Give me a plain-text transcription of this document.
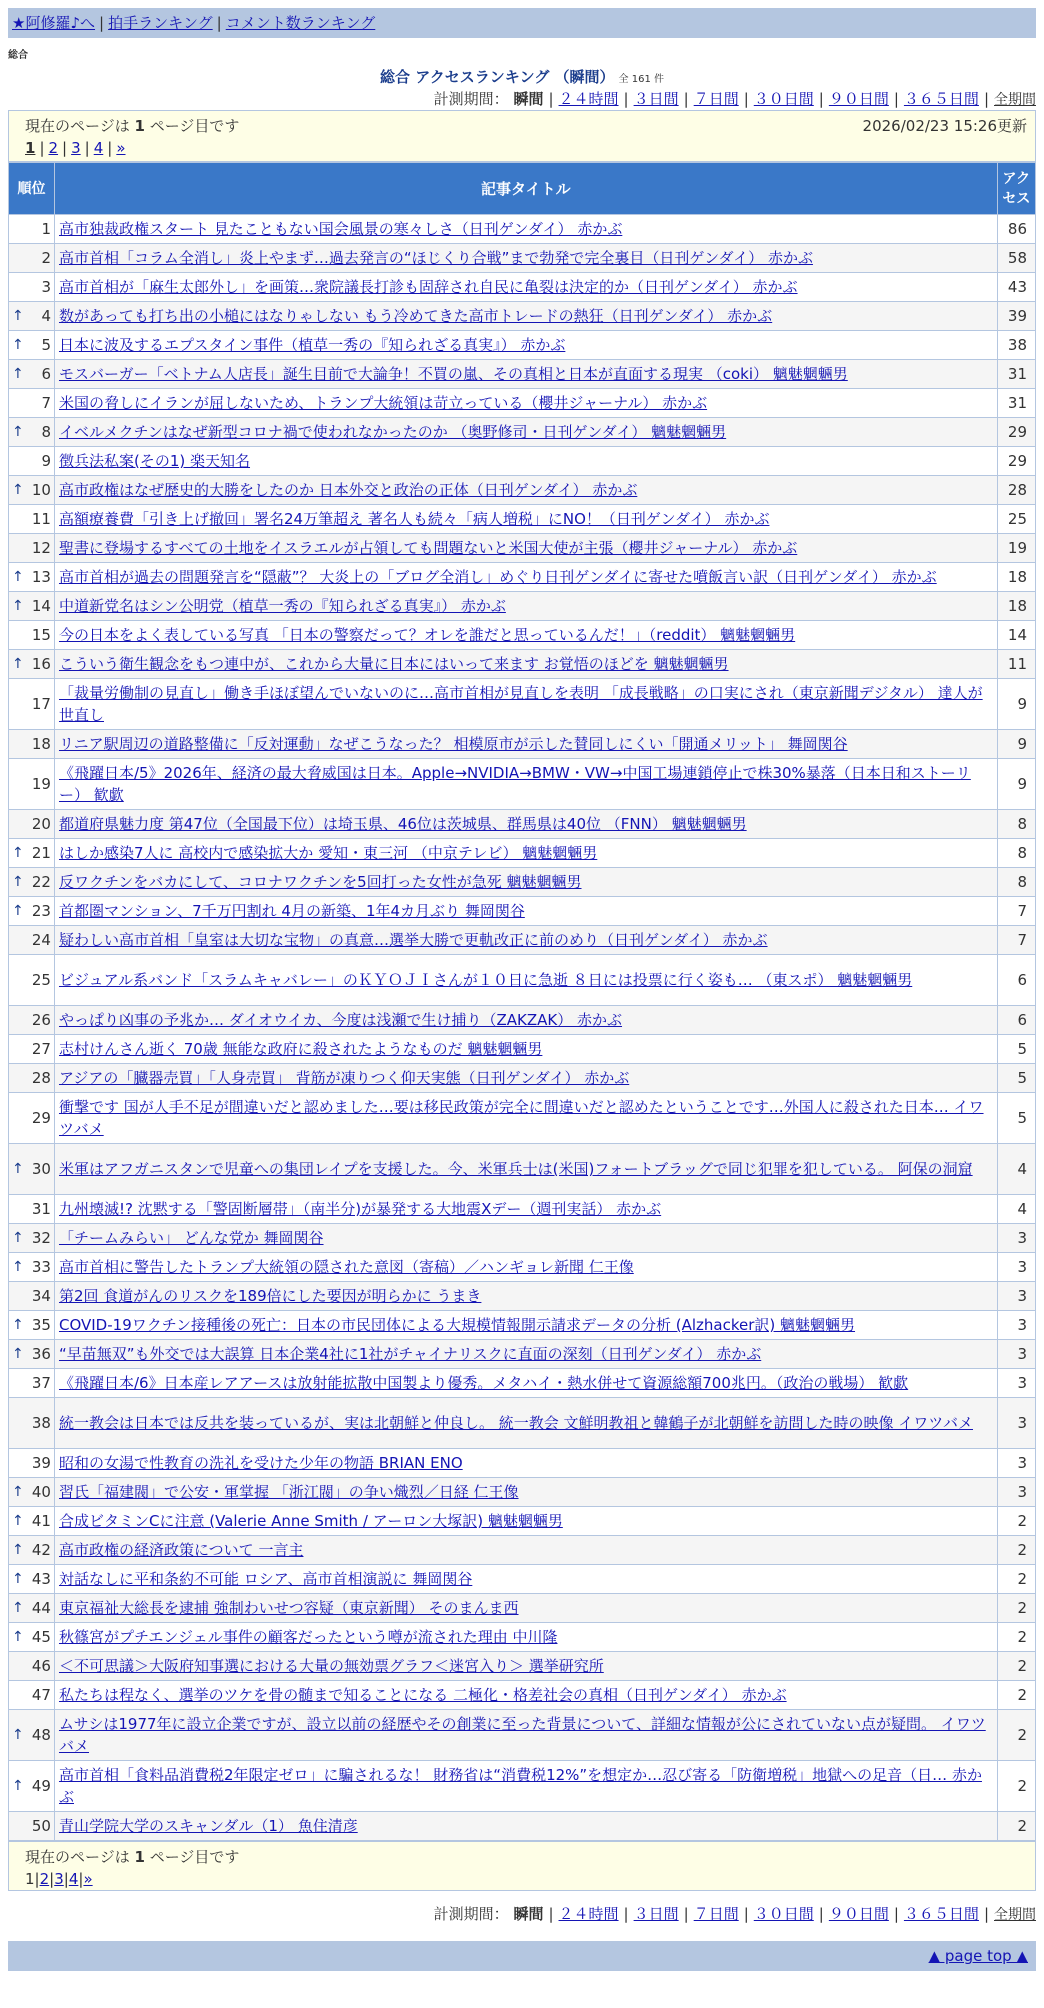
★阿修羅♪へ | 拍手ランキング | コメント数ランキング
総合
総合 アクセスランキング （瞬間） 全 161 件
計測期間： 瞬間 | ２４時間 | ３日間 | ７日間 | ３０日間 | ９０日間 | ３６５日間 | 全期間
現在のページは 1 ページ目です	2026/02/23 15:26更新
1 | 2 | 3 | 4 | »
順位	記事タイトル	アクセス
1	高市独裁政権スタート 見たこともない国会風景の寒々しさ（日刊ゲンダイ） 赤かぶ	86
2	高市首相「コラム全消し」炎上やまず…過去発言の“ほじくり合戦”まで勃発で完全裏目（日刊ゲンダイ） 赤かぶ	58
3	高市首相が「麻生太郎外し」を画策…衆院議長打診も固辞され自民に亀裂は決定的か（日刊ゲンダイ） 赤かぶ	43

↑ 4	数があっても打ち出の小槌にはなりゃしない もう冷めてきた高市トレードの熱狂（日刊ゲンダイ） 赤かぶ	39

↑ 5	日本に波及するエプスタイン事件（植草一秀の『知られざる真実』） 赤かぶ	38

↑ 6	モスバーガー「ベトナム人店長」誕生目前で大論争！不買の嵐、その真相と日本が直面する現実 （coki） 魑魅魍魎男	31
7	米国の脅しにイランが屈しないため、トランプ大統領は苛立っている（櫻井ジャーナル） 赤かぶ	31

↑ 8	イベルメクチンはなぜ新型コロナ禍で使われなかったのか （奥野修司・日刊ゲンダイ） 魑魅魍魎男	29
9	徴兵法私案(その1) 楽天知名	29

↑ 10	高市政権はなぜ歴史的大勝をしたのか 日本外交と政治の正体（日刊ゲンダイ） 赤かぶ	28
11	高額療養費「引き上げ撤回」署名24万筆超え 著名人も続々「病人増税」にNO！（日刊ゲンダイ） 赤かぶ	25
12	聖書に登場するすべての土地をイスラエルが占領しても問題ないと米国大使が主張（櫻井ジャーナル） 赤かぶ	19

↑ 13	高市首相が過去の問題発言を“隠蔽”？ 大炎上の「ブログ全消し」めぐり日刊ゲンダイに寄せた噴飯言い訳（日刊ゲンダイ） 赤かぶ	18

↑ 14	中道新党名はシン公明党（植草一秀の『知られざる真実』） 赤かぶ	18
15	今の日本をよく表している写真 「日本の警察だって？オレを誰だと思っているんだ！」（reddit） 魑魅魍魎男	14

↑ 16	こういう衛生観念をもつ連中が、これから大量に日本にはいって来ます お覚悟のほどを 魑魅魍魎男	11
17	「裁量労働制の見直し」働き手ほぼ望んでいないのに…高市首相が見直しを表明 「成長戦略」の口実にされ（東京新聞デジタル） 達人が世直し	9
18	リニア駅周辺の道路整備に「反対運動」なぜこうなった？ 相模原市が示した賛同しにくい「開通メリット」 舞岡関谷	9
19	《飛躍日本/5》2026年、経済の最大脅威国は日本。Apple→NVIDIA→BMW・VW→中国工場連鎖停止で株30%暴落（日本日和ストーリー） 歓歔	9
20	都道府県魅力度 第47位（全国最下位）は埼玉県、46位は茨城県、群馬県は40位 （FNN） 魑魅魍魎男	8

↑ 21	はしか感染7人に 高校内で感染拡大か 愛知・東三河 （中京テレビ） 魑魅魍魎男	8

↑ 22	反ワクチンをバカにして、コロナワクチンを5回打った女性が急死 魑魅魍魎男	8

↑ 23	首都圏マンション、7千万円割れ 4月の新築、1年4カ月ぶり 舞岡関谷	7
24	疑わしい高市首相「皇室は大切な宝物」の真意…選挙大勝で更軌改正に前のめり（日刊ゲンダイ） 赤かぶ	7
25	ビジュアル系バンド「スラムキャバレー」のＫＹＯＪＩさんが１０日に急逝 ８日には投票に行く姿も… （東スポ） 魑魅魍魎男	6
26	やっぱり凶事の予兆か… ダイオウイカ、今度は浅瀬で生け捕り（ZAKZAK） 赤かぶ	6
27	志村けんさん逝く 70歳 無能な政府に殺されたようなものだ 魑魅魍魎男	5
28	アジアの「臓器売買」「人身売買」 背筋が凍りつく仰天実態（日刊ゲンダイ） 赤かぶ	5
29	衝撃です 国が人手不足が間違いだと認めました…要は移民政策が完全に間違いだと認めたということです…外国人に殺された日本… イワツバメ	5

↑ 30	米軍はアフガニスタンで児童への集団レイプを支援した。今、米軍兵士は(米国)フォートブラッグで同じ犯罪を犯している。 阿保の洞窟	4
31	九州壊滅!? 沈黙する「警固断層帯」（南半分)が暴発する大地震Xデー（週刊実話） 赤かぶ	4

↑ 32	「チームみらい」 どんな党か 舞岡関谷	3

↑ 33	高市首相に警告したトランプ大統領の隠された意図（寄稿）／ハンギョレ新聞 仁王像	3
34	第2回 食道がんのリスクを189倍にした要因が明らかに うまき	3

↑ 35	COVID-19ワクチン接種後の死亡：日本の市民団体による大規模情報開示請求データの分析 (Alzhacker訳) 魑魅魍魎男	3

↑ 36	“早苗無双”も外交では大誤算 日本企業4社に1社がチャイナリスクに直面の深刻（日刊ゲンダイ） 赤かぶ	3
37	《飛躍日本/6》日本産レアアースは放射能拡散中国製より優秀。メタハイ・熱水併せて資源総額700兆円。（政治の戦場） 歓歔	3
38	統一教会は日本では反共を装っているが、実は北朝鮮と仲良し。 統一教会 文鮮明教祖と韓鶴子が北朝鮮を訪問した時の映像 イワツバメ	3
39	昭和の女湯で性教育の洗礼を受けた少年の物語 BRIAN ENO	3

↑ 40	習氏「福建閥」で公安・軍掌握 「浙江閥」の争い熾烈／日経 仁王像	3

↑ 41	合成ビタミンCに注意 (Valerie Anne Smith / アーロン大塚訳) 魑魅魍魎男	2

↑ 42	高市政権の経済政策について 一言主	2

↑ 43	対話なしに平和条約不可能 ロシア、高市首相演説に 舞岡関谷	2

↑ 44	東京福祉大総長を逮捕 強制わいせつ容疑（東京新聞） そのまんま西	2

↑ 45	秋篠宮がプチエンジェル事件の顧客だったという噂が流された理由 中川隆	2
46	＜不可思議＞大阪府知事選における大量の無効票グラフ＜迷宮入り＞ 選挙研究所	2
47	私たちは程なく、選挙のツケを骨の髄まで知ることになる 二極化・格差社会の真相（日刊ゲンダイ） 赤かぶ	2

↑ 48	ムサシは1977年に設立企業ですが、設立以前の経歴やその創業に至った背景について、詳細な情報が公にされていない点が疑問。 イワツバメ	2

↑ 49	高市首相「食料品消費税2年限定ゼロ」に騙されるな！ 財務省は“消費税12%”を想定か…忍び寄る「防衛増税」地獄への足音（日… 赤かぶ	2
50	青山学院大学のスキャンダル（1） 魚住清彦	2
現在のページは 1 ページ目です
1|2|3|4|»
計測期間： 瞬間 | ２４時間 | ３日間 | ７日間 | ３０日間 | ９０日間 | ３６５日間 | 全期間
▲ page top ▲
